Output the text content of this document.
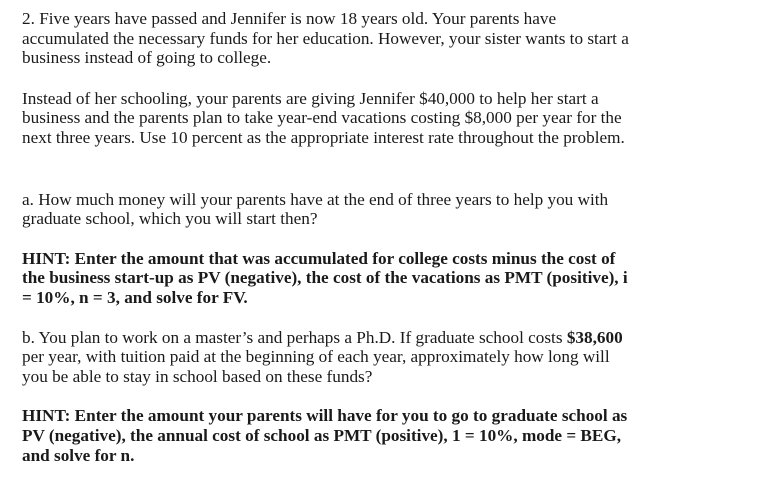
2. Five years have passed and Jennifer is now 18 years old. Your parents have
accumulated the necessary funds for her education. However, your sister wants to start a
business instead of going to college.

Instead of her schooling, your parents are giving Jennifer $40,000 to help her start a
business and the parents plan to take year-end vacations costing $8,000 per year for the
next three years. Use 10 percent as the appropriate interest rate throughout the problem.

a. How much money will your parents have at the end of three years to help you with
graduate school, which you will start then?

HINT: Enter the amount that was accumulated for college costs minus the cost of
the business start-up as PV (negative), the cost of the vacations as PMT (positive), i
= 10%, n = 3, and solve for FV.

b. You plan to work on a master’s and perhaps a Ph.D. If graduate school costs $38,600
per year, with tuition paid at the beginning of each year, approximately how long will
you be able to stay in school based on these funds?

HINT: Enter the amount your parents will have for you to go to graduate school as
PV (negative), the annual cost of school as PMT (positive), 1 = 10%, mode = BEG,
and solve for n.
